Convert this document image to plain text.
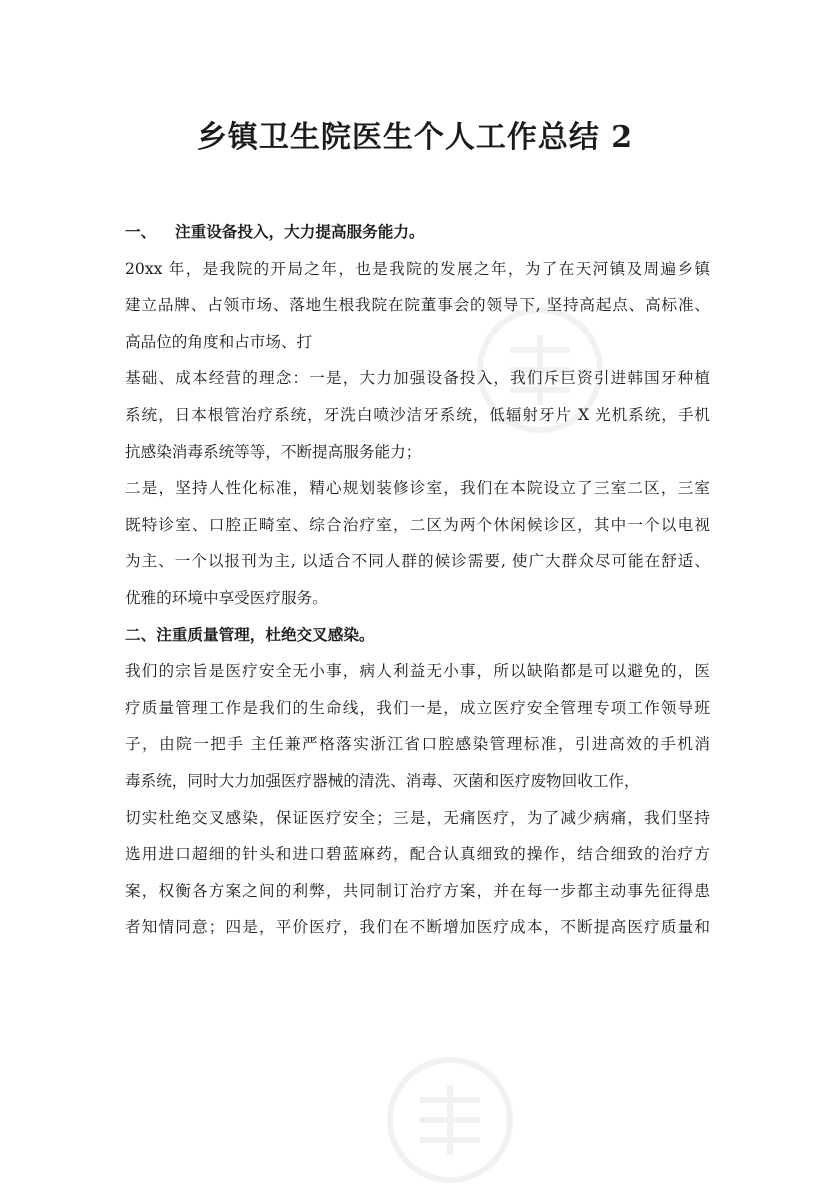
乡镇卫生院医生个人工作总结 2
一、 注重设备投入，大力提高服务能力。
20xx 年，是我院的开局之年，也是我院的发展之年，为了在天河镇及周遍乡镇
建立品牌、占领市场、落地生根我院在院董事会的领导下, 坚持高起点、高标准、
高品位的角度和占市场、打
基础、成本经营的理念：一是，大力加强设备投入，我们斥巨资引进韩国牙种植
系统，日本根管治疗系统，牙洗白喷沙洁牙系统，低辐射牙片 X 光机系统，手机
抗感染消毒系统等等，不断提高服务能力；
二是，坚持人性化标准，精心规划装修诊室，我们在本院设立了三室二区，三室
既特诊室、口腔正畸室、综合治疗室，二区为两个休闲候诊区，其中一个以电视
为主、一个以报刊为主, 以适合不同人群的候诊需要, 使广大群众尽可能在舒适、
优雅的环境中享受医疗服务。
二、注重质量管理，杜绝交叉感染。
我们的宗旨是医疗安全无小事，病人利益无小事，所以缺陷都是可以避免的，医
疗质量管理工作是我们的生命线，我们一是，成立医疗安全管理专项工作领导班
子，由院一把手 主任兼严格落实浙江省口腔感染管理标准，引进高效的手机消
毒系统，同时大力加强医疗器械的清洗、消毒、灭菌和医疗废物回收工作，
切实杜绝交叉感染，保证医疗安全；三是，无痛医疗，为了减少病痛，我们坚持
选用进口超细的针头和进口碧蓝麻药，配合认真细致的操作，结合细致的治疗方
案，权衡各方案之间的利弊，共同制订治疗方案，并在每一步都主动事先征得患
者知情同意；四是，平价医疗，我们在不断增加医疗成本，不断提高医疗质量和
